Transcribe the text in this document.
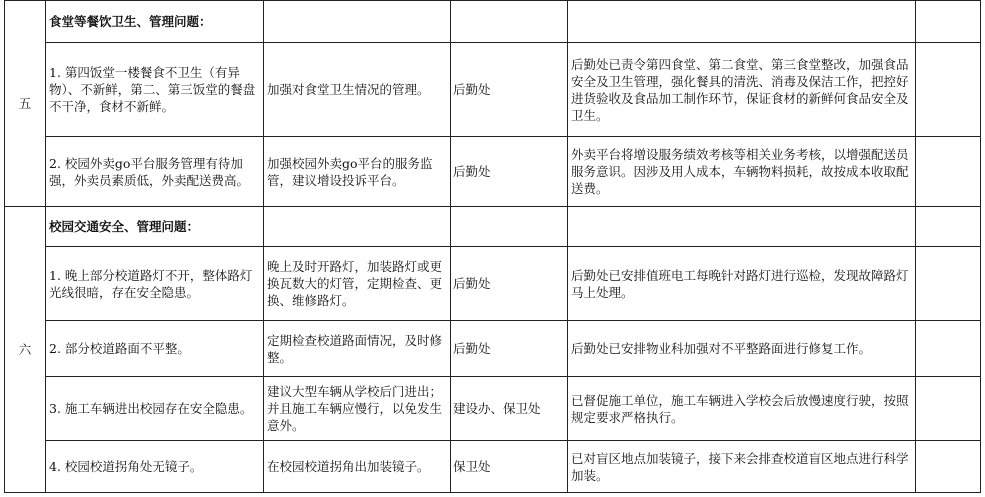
五	食堂等餐饮卫生、管理问题：				
	1. 第四饭堂一楼餐食不卫生（有异物）、不新鲜，第二、第三饭堂的餐盘不干净，食材不新鲜。	加强对食堂卫生情况的管理。	后勤处	后勤处已责令第四食堂、第二食堂、第三食堂整改，加强食品安全及卫生管理，强化餐具的清洗、消毒及保洁工作，把控好进货验收及食品加工制作环节，保证食材的新鲜何食品安全及卫生。	
	2. 校园外卖go平台服务管理有待加强，外卖员素质低，外卖配送费高。	加强校园外卖go平台的服务监管，建议增设投诉平台。	后勤处	外卖平台将增设服务绩效考核等相关业务考核，以增强配送员服务意识。因涉及用人成本，车辆物料损耗，故按成本收取配送费。	
六	校园交通安全、管理问题：				
	1. 晚上部分校道路灯不开，整体路灯光线很暗，存在安全隐患。	晚上及时开路灯，加装路灯或更换瓦数大的灯管，定期检查、更换、维修路灯。	后勤处	后勤处已安排值班电工每晚针对路灯进行巡检，发现故障路灯马上处理。	
	2. 部分校道路面不平整。	定期检查校道路面情况，及时修整。	后勤处	后勤处已安排物业科加强对不平整路面进行修复工作。	
	3. 施工车辆进出校园存在安全隐患。	建议大型车辆从学校后门进出；并且施工车辆应慢行，以免发生意外。	建设办、保卫处	已督促施工单位，施工车辆进入学校会后放慢速度行驶，按照规定要求严格执行。	
	4. 校园校道拐角处无镜子。	在校园校道拐角出加装镜子。	保卫处	已对盲区地点加装镜子，接下来会排查校道盲区地点进行科学加装。	
